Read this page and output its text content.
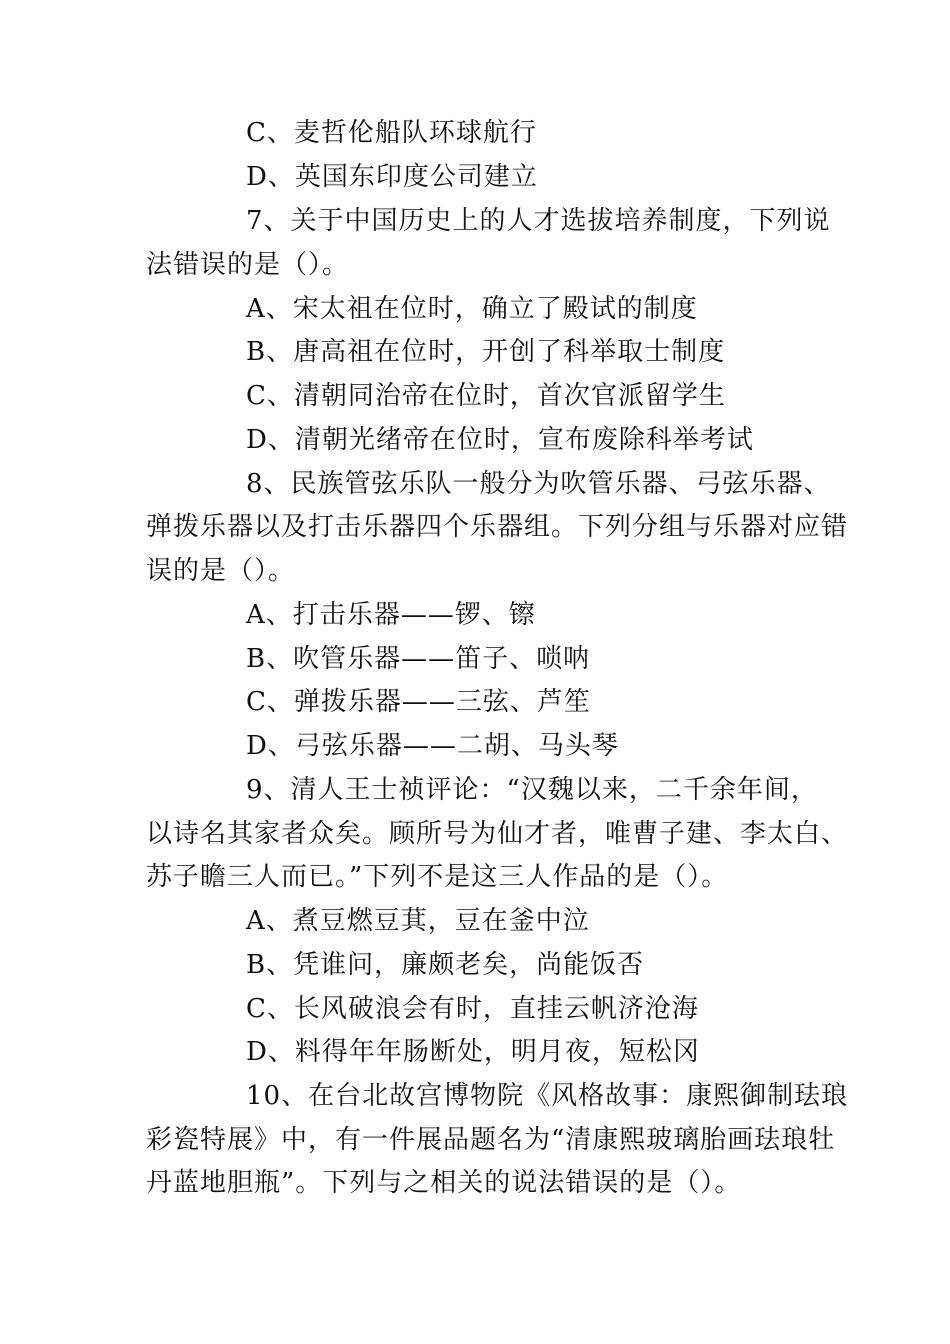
C、麦哲伦船队环球航行
D、英国东印度公司建立
7、关于中国历史上的人才选拔培养制度，下列说
法错误的是（）。
A、宋太祖在位时，确立了殿试的制度
B、唐高祖在位时，开创了科举取士制度
C、清朝同治帝在位时，首次官派留学生
D、清朝光绪帝在位时，宣布废除科举考试
8、民族管弦乐队一般分为吹管乐器、弓弦乐器、
弹拨乐器以及打击乐器四个乐器组。下列分组与乐器对应错
误的是（）。
A、打击乐器——锣、镲
B、吹管乐器——笛子、唢呐
C、弹拨乐器——三弦、芦笙
D、弓弦乐器——二胡、马头琴
9、清人王士祯评论：“汉魏以来，二千余年间，
以诗名其家者众矣。顾所号为仙才者，唯曹子建、李太白、
苏子瞻三人而已。”下列不是这三人作品的是（）。
A、煮豆燃豆萁，豆在釜中泣
B、凭谁问，廉颇老矣，尚能饭否
C、长风破浪会有时，直挂云帆济沧海
D、料得年年肠断处，明月夜，短松冈
10、在台北故宫博物院《风格故事：康熙御制珐琅
彩瓷特展》中，有一件展品题名为“清康熙玻璃胎画珐琅牡
丹蓝地胆瓶”。下列与之相关的说法错误的是（）。
